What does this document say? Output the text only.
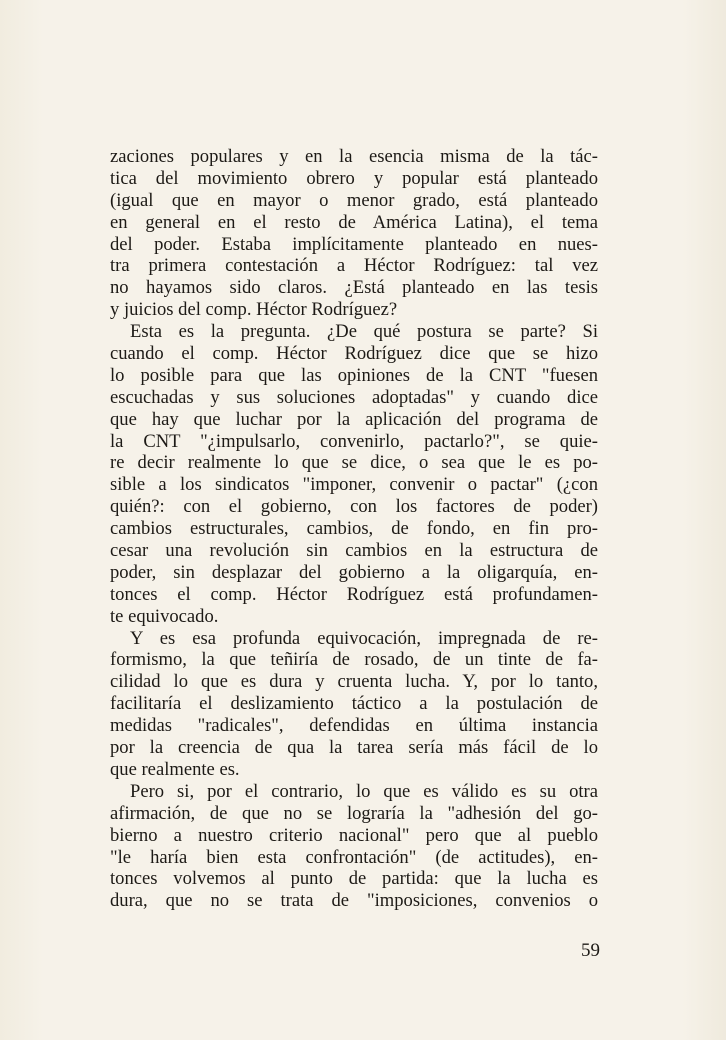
zaciones populares y en la esencia misma de la tác-
tica del movimiento obrero y popular está planteado
(igual que en mayor o menor grado, está planteado
en general en el resto de América Latina), el tema
del poder. Estaba implícitamente planteado en nues-
tra primera contestación a Héctor Rodríguez: tal vez
no hayamos sido claros. ¿Está planteado en las tesis
y juicios del comp. Héctor Rodríguez?
Esta es la pregunta. ¿De qué postura se parte? Si
cuando el comp. Héctor Rodríguez dice que se hizo
lo posible para que las opiniones de la CNT "fuesen
escuchadas y sus soluciones adoptadas" y cuando dice
que hay que luchar por la aplicación del programa de
la CNT "¿impulsarlo, convenirlo, pactarlo?", se quie-
re decir realmente lo que se dice, o sea que le es po-
sible a los sindicatos "imponer, convenir o pactar" (¿con
quién?: con el gobierno, con los factores de poder)
cambios estructurales, cambios, de fondo, en fin pro-
cesar una revolución sin cambios en la estructura de
poder, sin desplazar del gobierno a la oligarquía, en-
tonces el comp. Héctor Rodríguez está profundamen-
te equivocado.
Y es esa profunda equivocación, impregnada de re-
formismo, la que teñiría de rosado, de un tinte de fa-
cilidad lo que es dura y cruenta lucha. Y, por lo tanto,
facilitaría el deslizamiento táctico a la postulación de
medidas "radicales", defendidas en última instancia
por la creencia de qua la tarea sería más fácil de lo
que realmente es.
Pero si, por el contrario, lo que es válido es su otra
afirmación, de que no se lograría la "adhesión del go-
bierno a nuestro criterio nacional" pero que al pueblo
"le haría bien esta confrontación" (de actitudes), en-
tonces volvemos al punto de partida: que la lucha es
dura, que no se trata de "imposiciones, convenios o
59
